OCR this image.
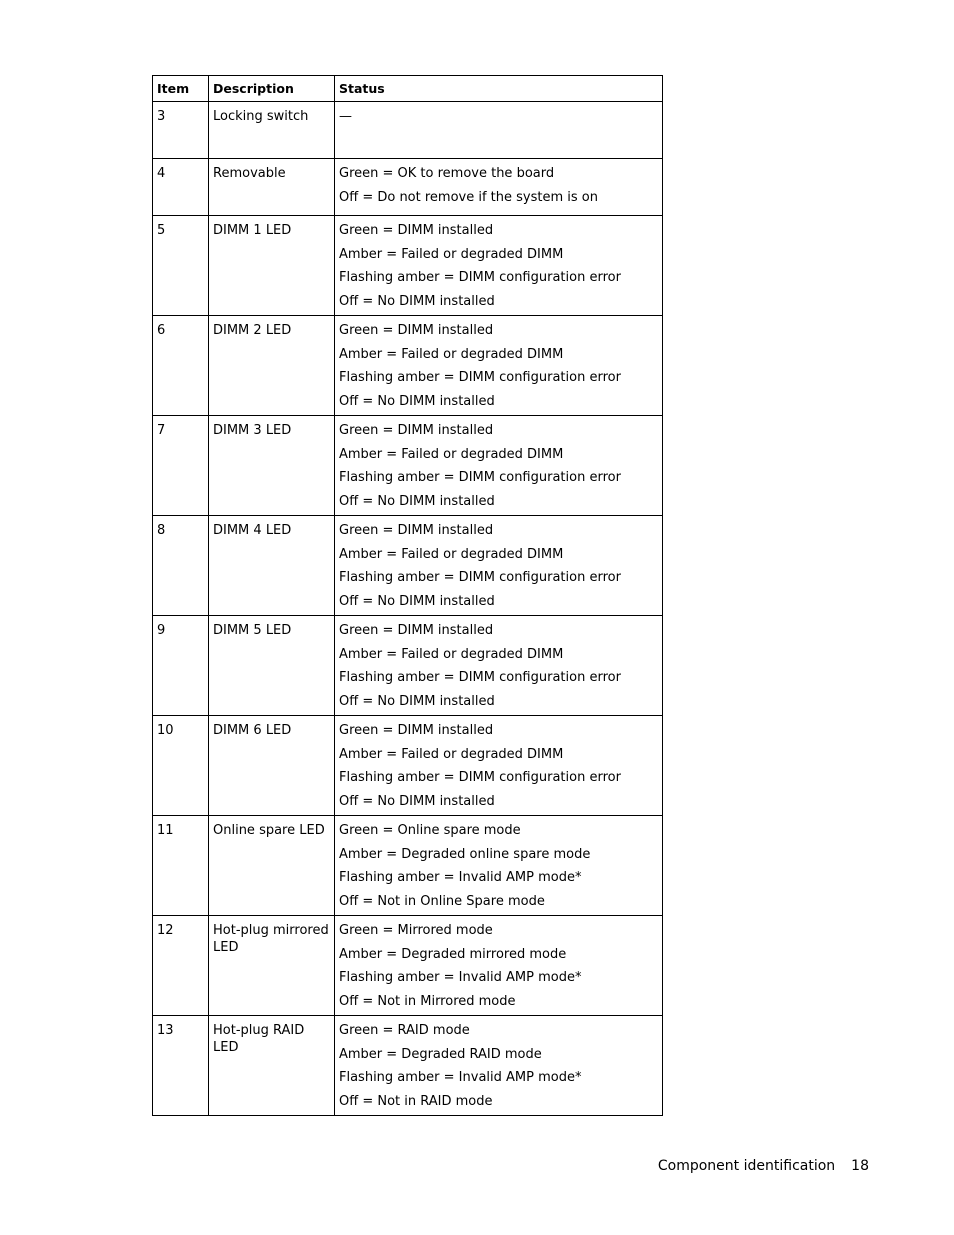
Item	Description	Status

3	Locking switch	—

4	Removable	Green = OK to remove the board
Off = Do not remove if the system is on

5	DIMM 1 LED	Green = DIMM installed
Amber = Failed or degraded DIMM
Flashing amber = DIMM configuration error
Off = No DIMM installed

6	DIMM 2 LED	Green = DIMM installed
Amber = Failed or degraded DIMM
Flashing amber = DIMM configuration error
Off = No DIMM installed

7	DIMM 3 LED	Green = DIMM installed
Amber = Failed or degraded DIMM
Flashing amber = DIMM configuration error
Off = No DIMM installed

8	DIMM 4 LED	Green = DIMM installed
Amber = Failed or degraded DIMM
Flashing amber = DIMM configuration error
Off = No DIMM installed

9	DIMM 5 LED	Green = DIMM installed
Amber = Failed or degraded DIMM
Flashing amber = DIMM configuration error
Off = No DIMM installed

10	DIMM 6 LED	Green = DIMM installed
Amber = Failed or degraded DIMM
Flashing amber = DIMM configuration error
Off = No DIMM installed

11	Online spare LED	Green = Online spare mode
Amber = Degraded online spare mode
Flashing amber = Invalid AMP mode*
Off = Not in Online Spare mode

12	Hot-plug mirrored LED	Green = Mirrored mode
Amber = Degraded mirrored mode
Flashing amber = Invalid AMP mode*
Off = Not in Mirrored mode

13	Hot-plug RAID LED	Green = RAID mode
Amber = Degraded RAID mode
Flashing amber = Invalid AMP mode*
Off = Not in RAID mode
Component identification 18
